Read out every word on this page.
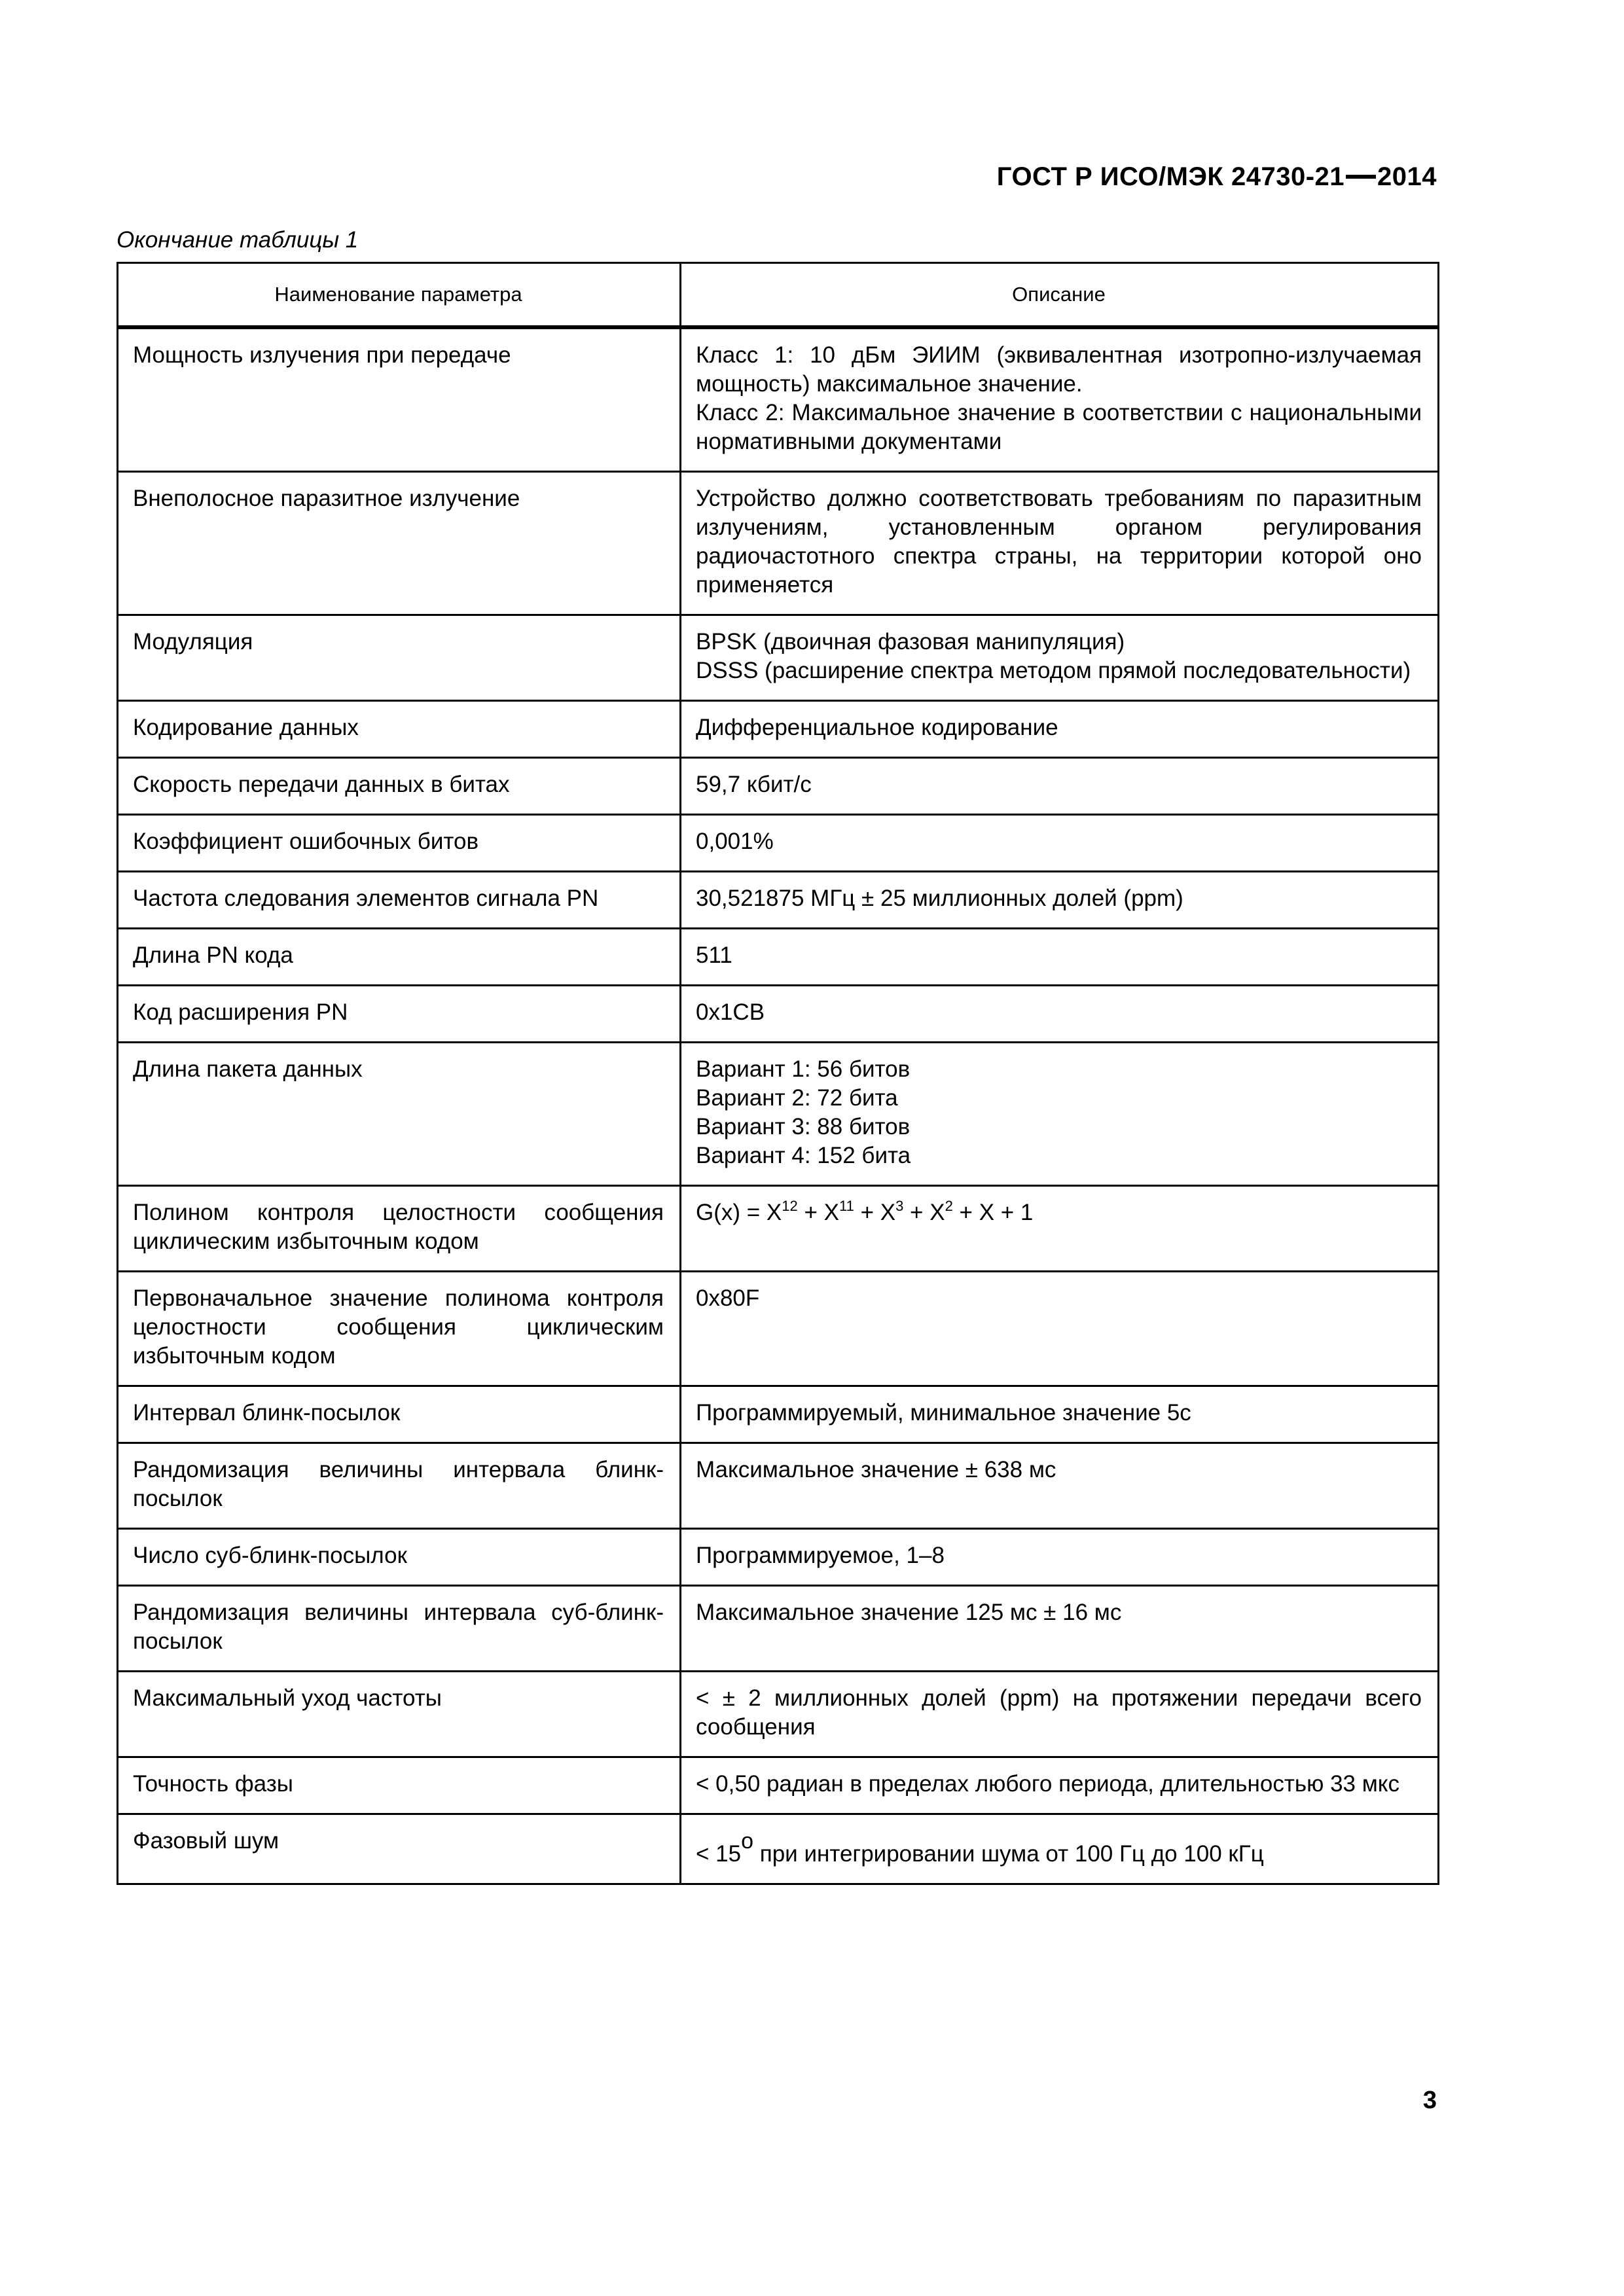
ГОСТ Р ИСО/МЭК 24730-21 2014
Окончание таблицы 1
Наименование параметра	Описание
Мощность излучения при передаче	Класс 1: 10 дБм ЭИИМ (эквивалентная изотропно-излучаемая мощность) максимальное значение.
Класс 2: Максимальное значение в соответствии с национальными нормативными документами

Внеполосное паразитное излучение	Устройство должно соответствовать требованиям по паразитным излучениям, установленным органом регулирования радиочастотного спектра страны, на территории которой оно применяется

Модуляция	BPSK (двоичная фазовая манипуляция)
DSSS (расширение спектра методом прямой последовательности)

Кодирование данных	Дифференциальное кодирование

Скорость передачи данных в битах	59,7 кбит/с

Коэффициент ошибочных битов	0,001%

Частота следования элементов сигнала PN	30,521875 МГц ± 25 миллионных долей (ppm)

Длина PN кода	511

Код расширения PN	0x1CB

Длина пакета данных	Вариант 1: 56 битов
Вариант 2: 72 бита
Вариант 3: 88 битов
Вариант 4: 152 бита

Полином контроля целостности сообщения циклическим избыточным кодом	$G(x) = X^{12} + X^{11} + X^3 + X^2 + X + 1$
Первоначальное значение полинома контроля целостности сообщения циклическим избыточным кодом	0x80F

Интервал блинк-посылок	Программируемый, минимальное значение 5с

Рандомизация величины интервала блинк-посылок	Максимальное значение ± 638 мс

Число суб-блинк-посылок	Программируемое, 1–8

Рандомизация величины интервала суб-блинк-посылок	Максимальное значение 125 мс ± 16 мс

Максимальный уход частоты	< ± 2 миллионных долей (ppm) на протяжении передачи всего сообщения

Точность фазы	< 0,50 радиан в пределах любого периода, длительностью 33 мкс

Фазовый шум	< 15o при интегрировании шума от 100 Гц до 100 кГц
3
